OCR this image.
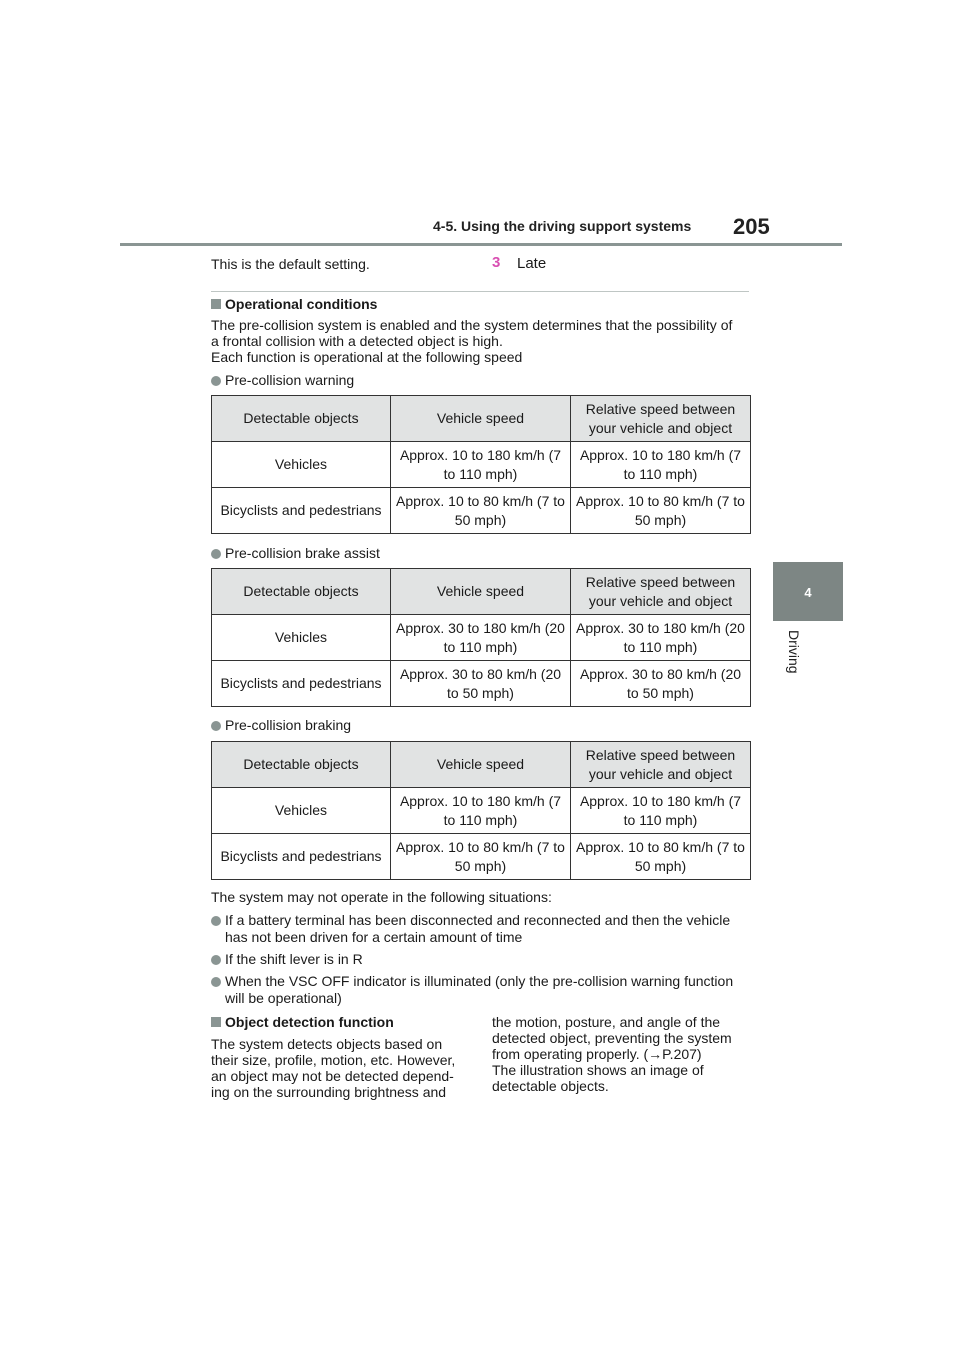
4-5. Using the driving support systems 205
4
Driving
This is the default setting.	3 Late
Operational conditions
The pre-collision system is enabled and the system determines that the possibility of
a frontal collision with a detected object is high.
Each function is operational at the following speed
Pre-collision warning
Detectable objects	Vehicle speed	Relative speed between your vehicle and object
Vehicles	Approx. 10 to 180 km/h (7 to 110 mph)	Approx. 10 to 180 km/h (7 to 110 mph)
Bicyclists and pedestrians	Approx. 10 to 80 km/h (7 to 50 mph)	Approx. 10 to 80 km/h (7 to 50 mph)
Pre-collision brake assist
Detectable objects	Vehicle speed	Relative speed between your vehicle and object
Vehicles	Approx. 30 to 180 km/h (20 to 110 mph)	Approx. 30 to 180 km/h (20 to 110 mph)
Bicyclists and pedestrians	Approx. 30 to 80 km/h (20 to 50 mph)	Approx. 30 to 80 km/h (20 to 50 mph)
Pre-collision braking
Detectable objects	Vehicle speed	Relative speed between your vehicle and object
Vehicles	Approx. 10 to 180 km/h (7 to 110 mph)	Approx. 10 to 180 km/h (7 to 110 mph)
Bicyclists and pedestrians	Approx. 10 to 80 km/h (7 to 50 mph)	Approx. 10 to 80 km/h (7 to 50 mph)
The system may not operate in the following situations:
If a battery terminal has been disconnected and reconnected and then the vehicle
has not been driven for a certain amount of time
If the shift lever is in R
When the VSC OFF indicator is illuminated (only the pre-collision warning function
will be operational)
Object detection function
The system detects objects based on
their size, profile, motion, etc. However,
an object may not be detected depend-
ing on the surrounding brightness and
the motion, posture, and angle of the
detected object, preventing the system
from operating properly. (→P.207)
The illustration shows an image of
detectable objects.
